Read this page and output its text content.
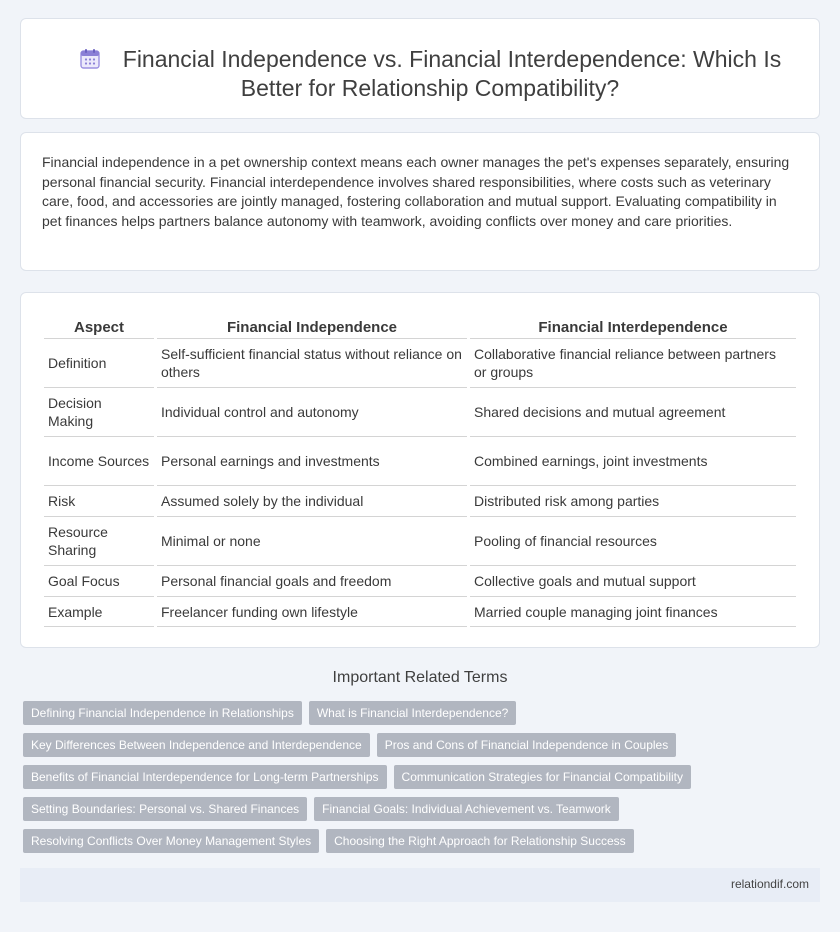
Financial Independence vs. Financial Interdependence: Which Is Better for Relationship Compatibility?

Financial independence in a pet ownership context means each owner manages the pet's expenses separately, ensuring personal financial security. Financial interdependence involves shared responsibilities, where costs such as veterinary care, food, and accessories are jointly managed, fostering collaboration and mutual support. Evaluating compatibility in pet finances helps partners balance autonomy with teamwork, avoiding conflicts over money and care priorities.

Aspect	Financial Independence	Financial Interdependence
Definition	Self-sufficient financial status without reliance on others	Collaborative financial reliance between partners or groups
Decision Making	Individual control and autonomy	Shared decisions and mutual agreement
Income Sources	Personal earnings and investments	Combined earnings, joint investments
Risk	Assumed solely by the individual	Distributed risk among parties
Resource Sharing	Minimal or none	Pooling of financial resources
Goal Focus	Personal financial goals and freedom	Collective goals and mutual support
Example	Freelancer funding own lifestyle	Married couple managing joint finances
Important Related Terms
Defining Financial Independence in Relationships	What is Financial Interdependence?
Key Differences Between Independence and Interdependence	Pros and Cons of Financial Independence in Couples
Benefits of Financial Interdependence for Long-term Partnerships	Communication Strategies for Financial Compatibility
Setting Boundaries: Personal vs. Shared Finances	Financial Goals: Individual Achievement vs. Teamwork
Resolving Conflicts Over Money Management Styles	Choosing the Right Approach for Relationship Success
relationdif.com
